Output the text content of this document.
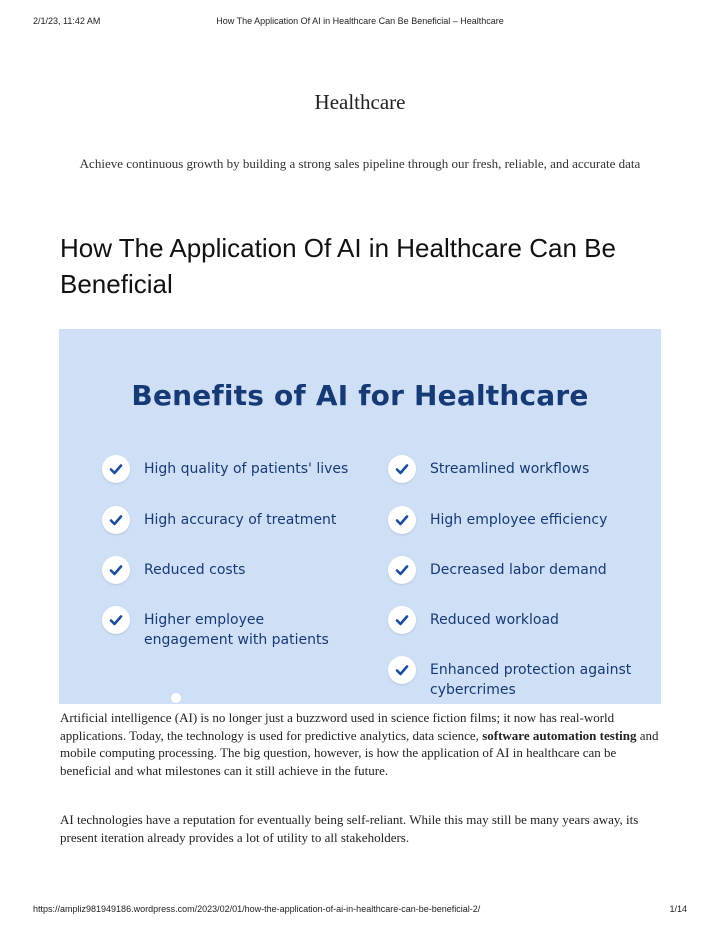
2/1/23, 11:42 AM	How The Application Of AI in Healthcare Can Be Beneficial – Healthcare
Healthcare
Achieve continuous growth by building a strong sales pipeline through our fresh, reliable, and accurate data
How The Application Of AI in Healthcare Can Be Beneficial
Benefits of AI for Healthcare
High quality of patients' lives
High accuracy of treatment
Reduced costs
Higher employee engagement with patients
Streamlined workflows
High employee efficiency
Decreased labor demand
Reduced workload
Enhanced protection against cybercrimes

Artificial intelligence (AI) is no longer just a buzzword used in science fiction films; it now has real-world applications. Today, the technology is used for predictive analytics, data science, software automation testing and mobile computing processing. The big question, however, is how the application of AI in healthcare can be beneficial and what milestones can it still achieve in the future.

AI technologies have a reputation for eventually being self-reliant. While this may still be many years away, its present iteration already provides a lot of utility to all stakeholders.

https://ampliz981949186.wordpress.com/2023/02/01/how-the-application-of-ai-in-healthcare-can-be-beneficial-2/	1/14
